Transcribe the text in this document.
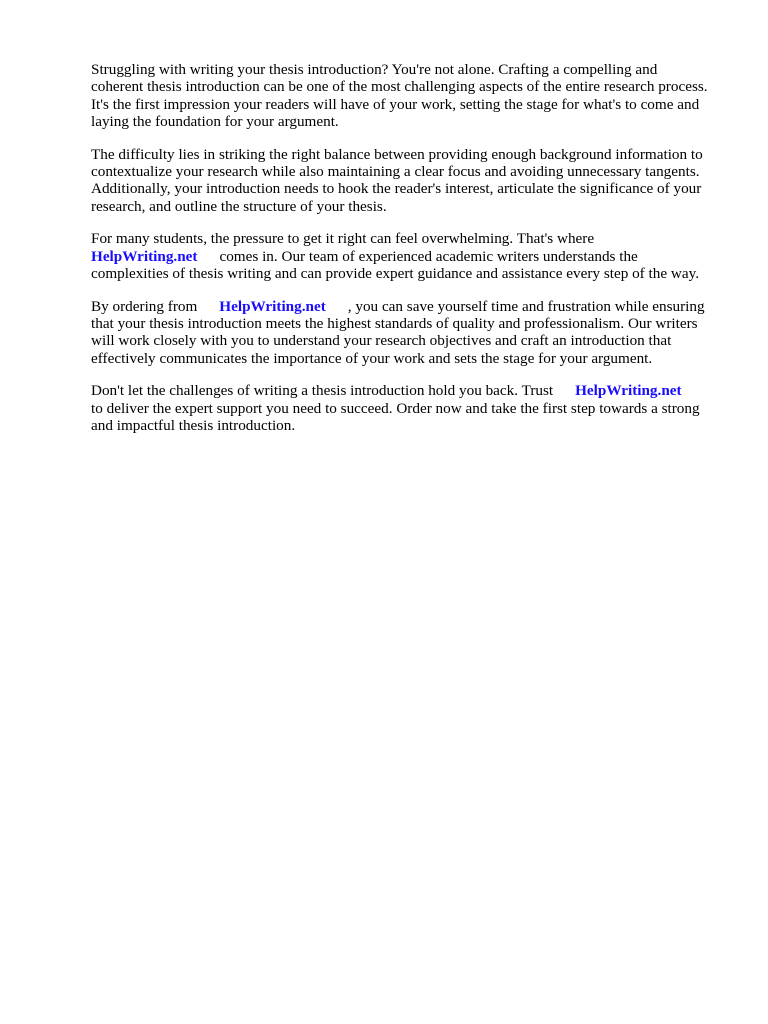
Struggling with writing your thesis introduction? You're not alone. Crafting a compelling and
coherent thesis introduction can be one of the most challenging aspects of the entire research process.
It's the first impression your readers will have of your work, setting the stage for what's to come and
laying the foundation for your argument.

The difficulty lies in striking the right balance between providing enough background information to
contextualize your research while also maintaining a clear focus and avoiding unnecessary tangents.
Additionally, your introduction needs to hook the reader's interest, articulate the significance of your
research, and outline the structure of your thesis.

For many students, the pressure to get it right can feel overwhelming. That's where
HelpWriting.net comes in. Our team of experienced academic writers understands the
complexities of thesis writing and can provide expert guidance and assistance every step of the way.

By ordering from HelpWriting.net , you can save yourself time and frustration while ensuring
that your thesis introduction meets the highest standards of quality and professionalism. Our writers
will work closely with you to understand your research objectives and craft an introduction that
effectively communicates the importance of your work and sets the stage for your argument.

Don't let the challenges of writing a thesis introduction hold you back. Trust HelpWriting.net
to deliver the expert support you need to succeed. Order now and take the first step towards a strong
and impactful thesis introduction.
